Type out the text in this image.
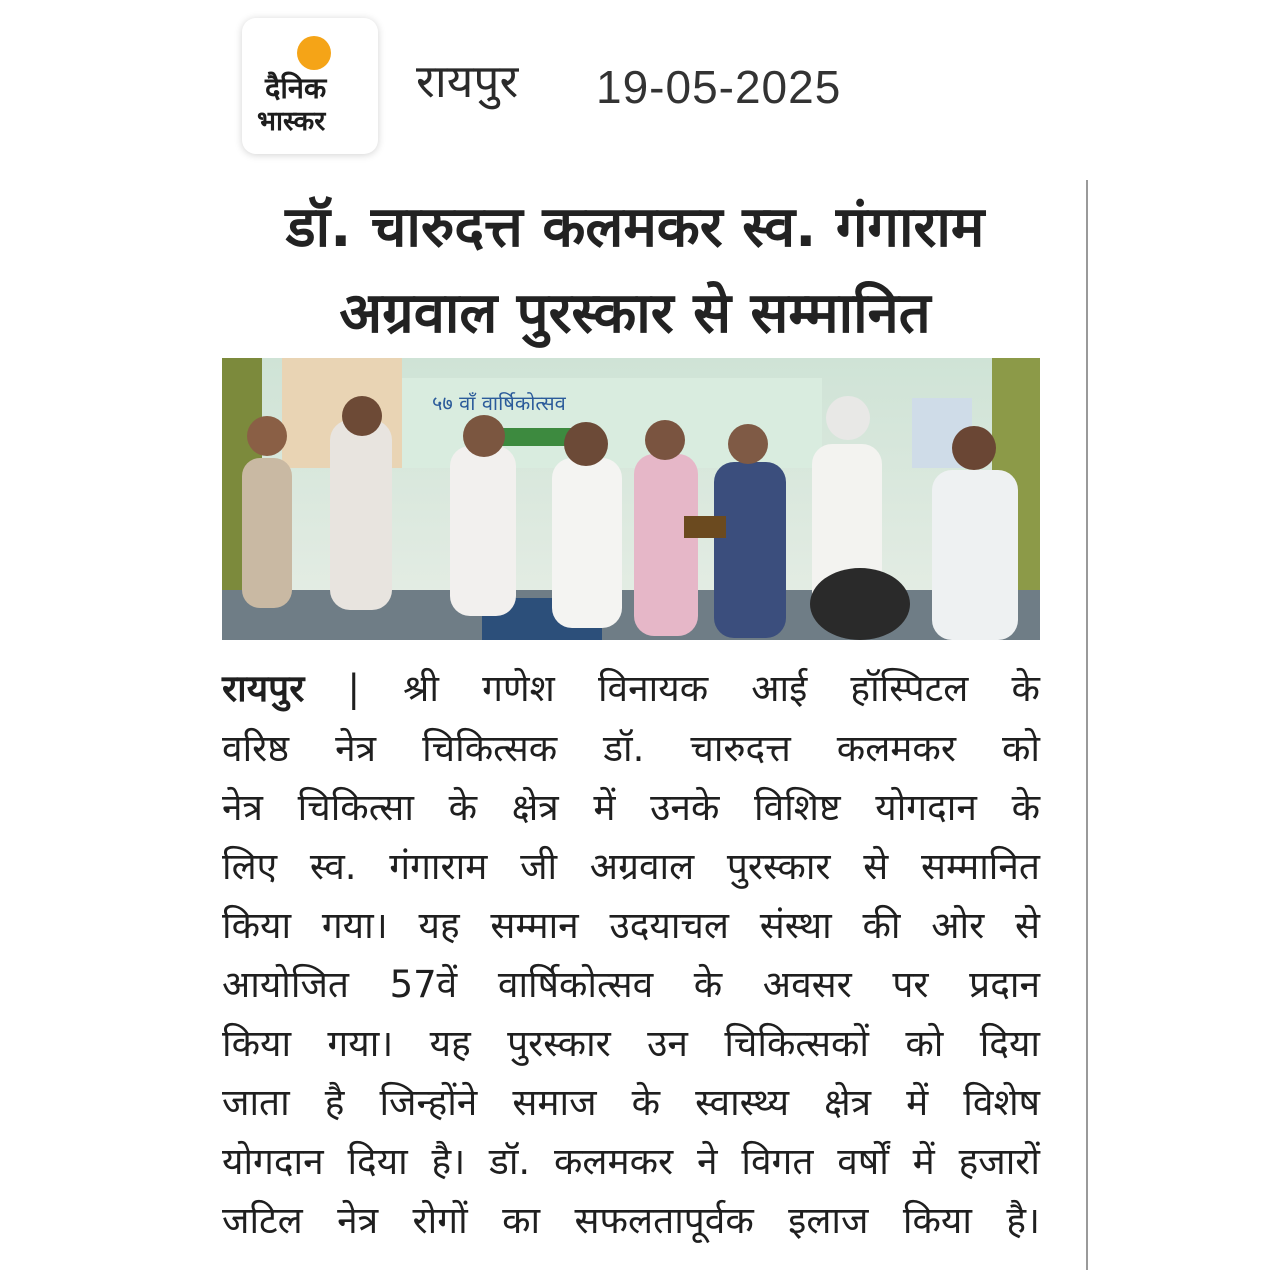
दैनिक
भास्कर
रायपुर 19-05-2025
डॉ. चारुदत्त कलमकर स्व. गंगाराम
अग्रवाल पुरस्कार से सम्मानित
५७ वाँ वार्षिकोत्सव
रायपुर | श्री गणेश विनायक आई हॉस्पिटल के
वरिष्ठ नेत्र चिकित्सक डॉ. चारुदत्त कलमकर को
नेत्र चिकित्सा के क्षेत्र में उनके विशिष्ट योगदान के
लिए स्व. गंगाराम जी अग्रवाल पुरस्कार से सम्मानित
किया गया। यह सम्मान उदयाचल संस्था की ओर से
आयोजित 57वें वार्षिकोत्सव के अवसर पर प्रदान
किया गया। यह पुरस्कार उन चिकित्सकों को दिया
जाता है जिन्होंने समाज के स्वास्थ्य क्षेत्र में विशेष
योगदान दिया है। डॉ. कलमकर ने विगत वर्षों में हजारों
जटिल नेत्र रोगों का सफलतापूर्वक इलाज किया है।
